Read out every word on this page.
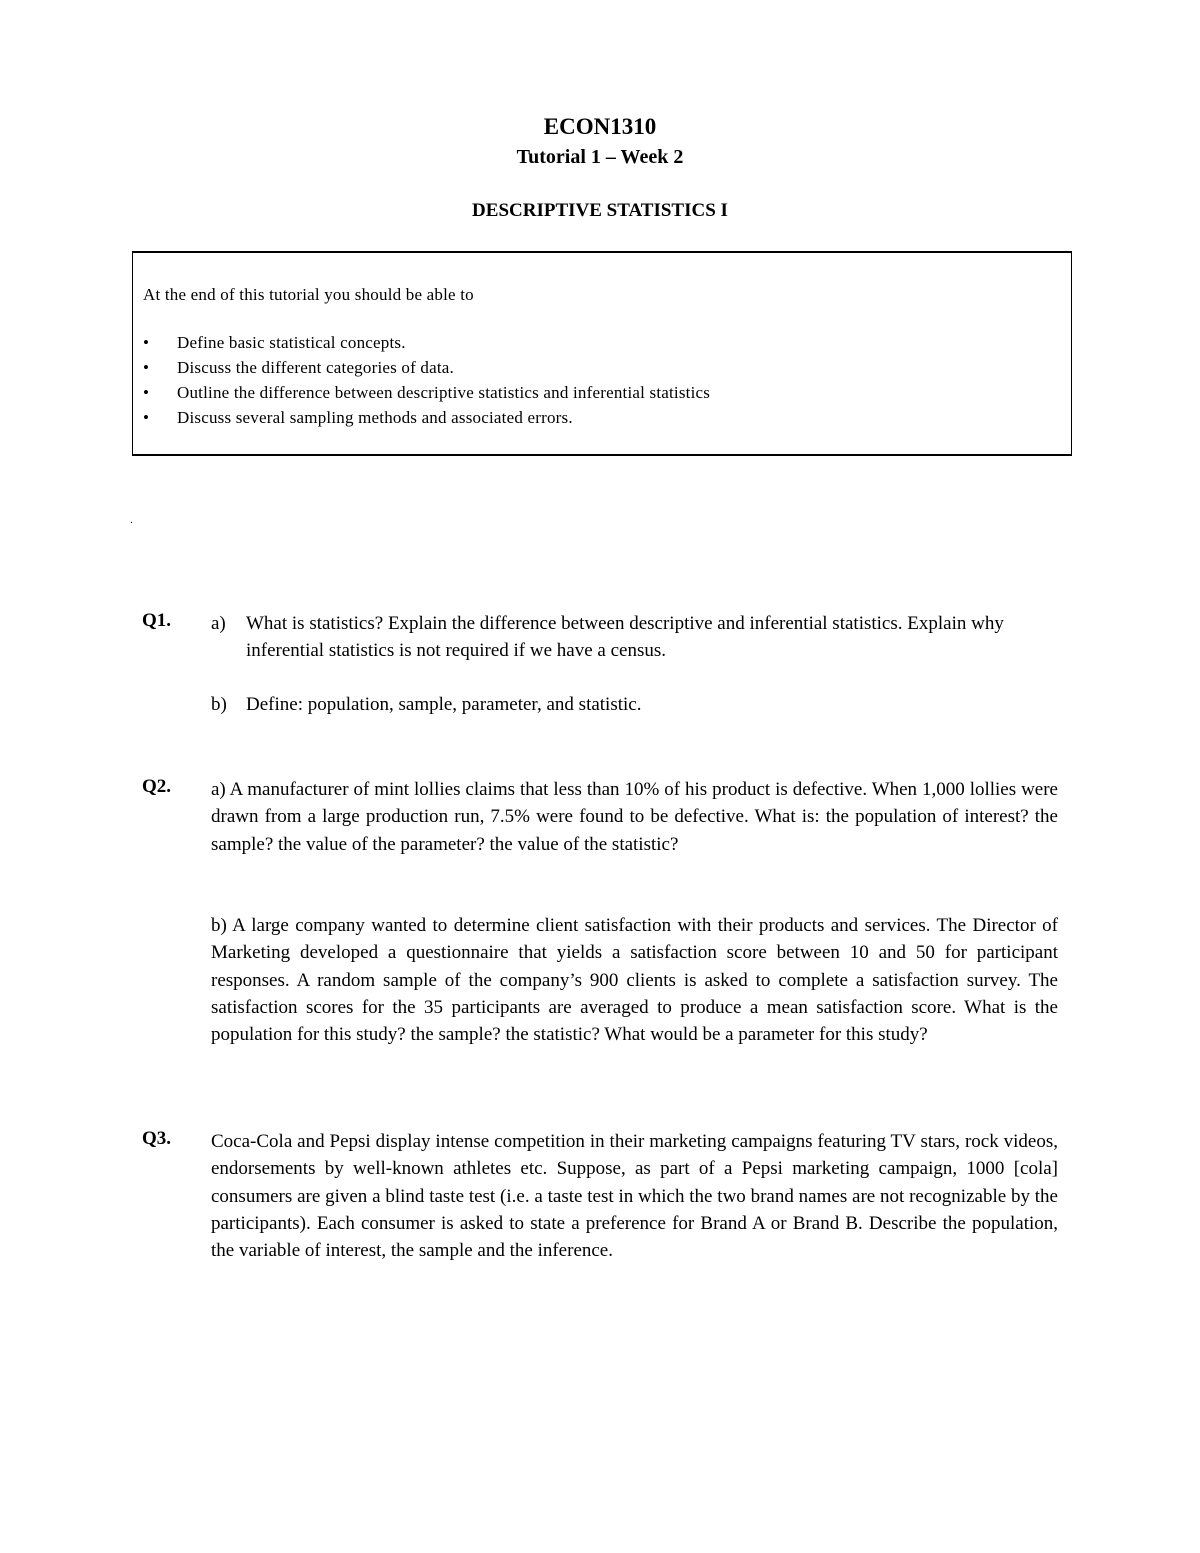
ECON1310
Tutorial 1 – Week 2
DESCRIPTIVE STATISTICS I
At the end of this tutorial you should be able to
• Define basic statistical concepts.
• Discuss the different categories of data.
• Outline the difference between descriptive statistics and inferential statistics
• Discuss several sampling methods and associated errors.
.
Q1. a) What is statistics? Explain the difference between descriptive and inferential statistics. Explain why inferential statistics is not required if we have a census.
b) Define: population, sample, parameter, and statistic.
Q2. a) A manufacturer of mint lollies claims that less than 10% of his product is defective. When 1,000 lollies were drawn from a large production run, 7.5% were found to be defective. What is: the population of interest? the sample? the value of the parameter? the value of the statistic?
b) A large company wanted to determine client satisfaction with their products and services. The Director of Marketing developed a questionnaire that yields a satisfaction score between 10 and 50 for participant responses. A random sample of the company’s 900 clients is asked to complete a satisfaction survey. The satisfaction scores for the 35 participants are averaged to produce a mean satisfaction score. What is the population for this study? the sample? the statistic? What would be a parameter for this study?
Q3. Coca-Cola and Pepsi display intense competition in their marketing campaigns featuring TV stars, rock videos, endorsements by well-known athletes etc. Suppose, as part of a Pepsi marketing campaign, 1000 [cola] consumers are given a blind taste test (i.e. a taste test in which the two brand names are not recognizable by the participants). Each consumer is asked to state a preference for Brand A or Brand B. Describe the population, the variable of interest, the sample and the inference.
